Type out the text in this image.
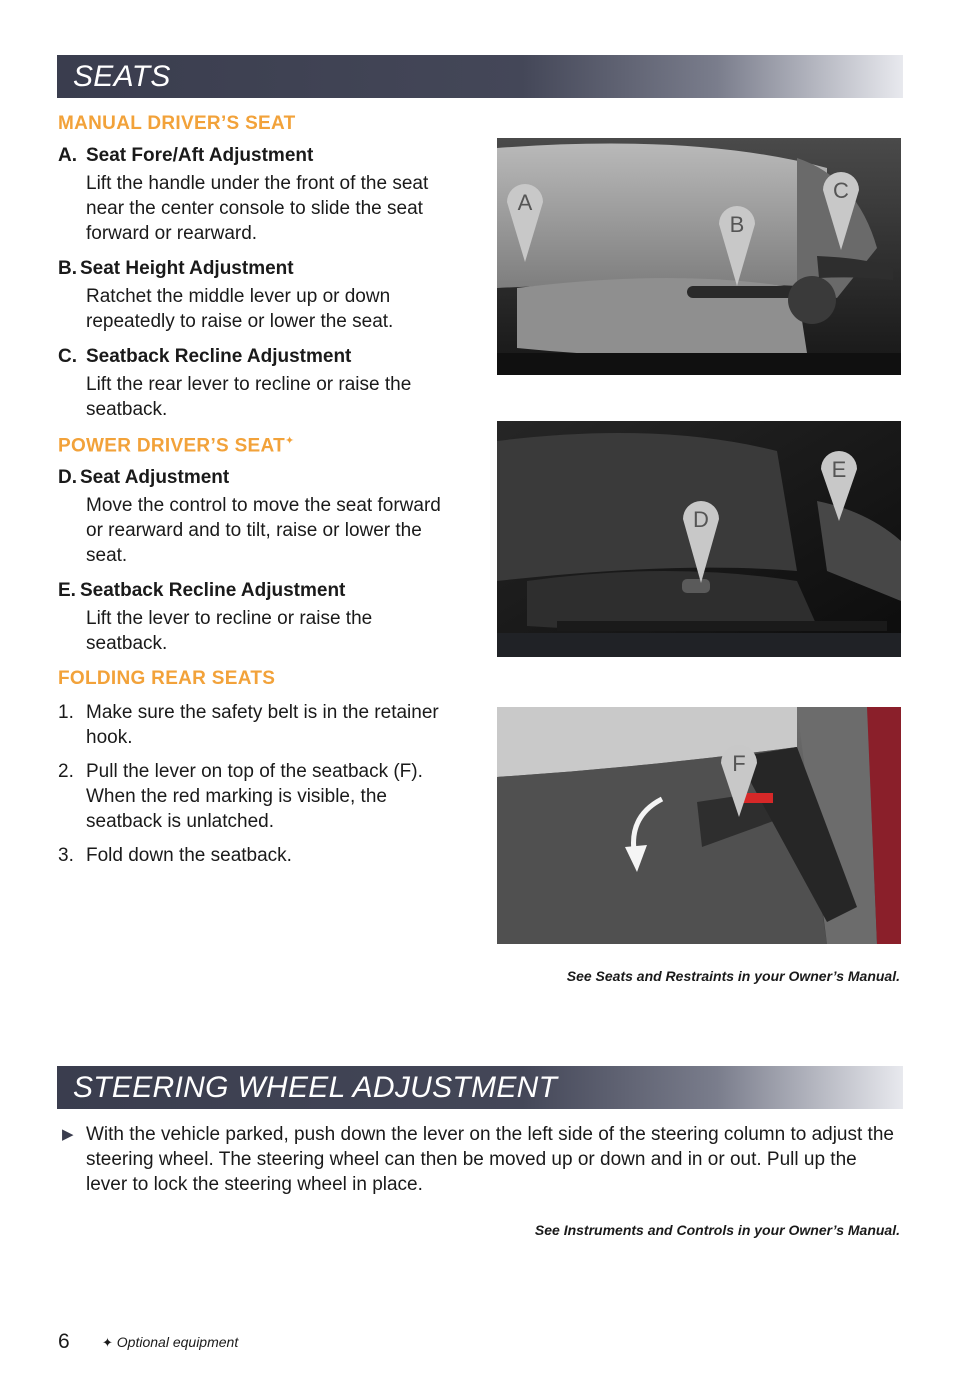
SEATS
MANUAL DRIVER’S SEAT
A. Seat Fore/Aft Adjustment
Lift the handle under the front of the seat near the center console to slide the seat forward or rearward.
B. Seat Height Adjustment
Ratchet the middle lever up or down repeatedly to raise or lower the seat.
C. Seatback Recline Adjustment
Lift the rear lever to recline or raise the seatback.
POWER DRIVER’S SEAT✦
D. Seat Adjustment
Move the control to move the seat forward or rearward and to tilt, raise or lower the seat.
E. Seatback Recline Adjustment
Lift the lever to recline or raise the seatback.
FOLDING REAR SEATS
1. Make sure the safety belt is in the retainer hook.
2. Pull the lever on top of the seatback (F). When the red marking is visible, the seatback is unlatched.
3. Fold down the seatback.
A
B
C
D
E
F
See Seats and Restraints in your Owner’s Manual.
STEERING WHEEL ADJUSTMENT
▶ With the vehicle parked, push down the lever on the left side of the steering column to adjust the steering wheel. The steering wheel can then be moved up or down and in or out. Pull up the lever to lock the steering wheel in place.
See Instruments and Controls in your Owner’s Manual.
6 ✦ Optional equipment
